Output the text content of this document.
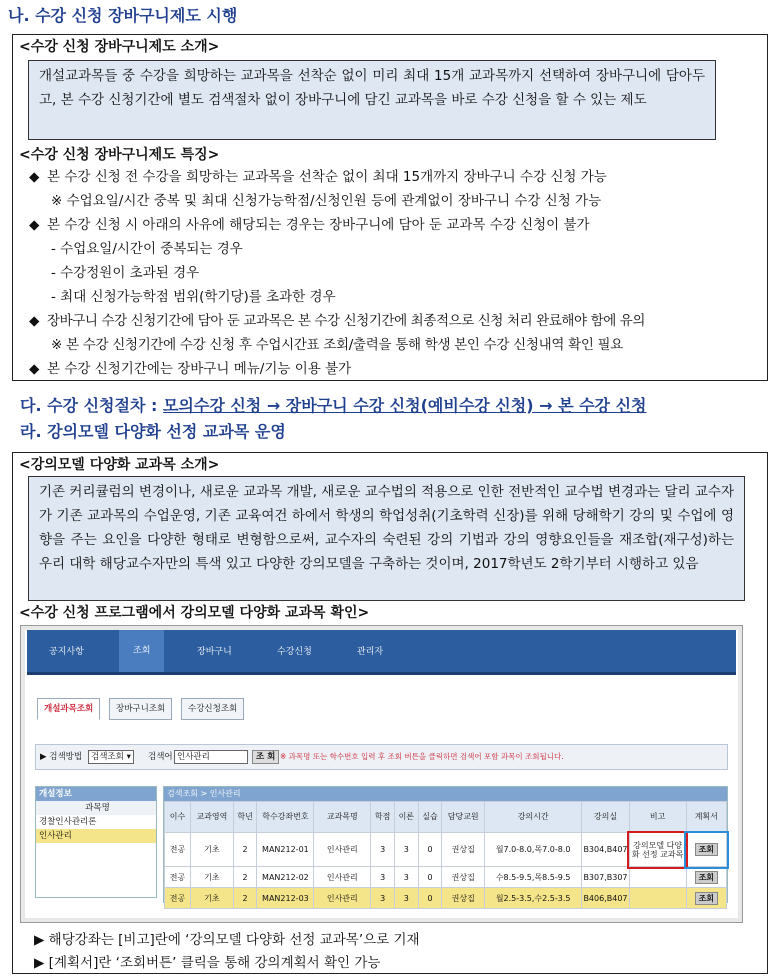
나. 수강 신청 장바구니제도 시행
<수강 신청 장바구니제도 소개>
개설교과목들 중 수강을 희망하는 교과목을 선착순 없이 미리 최대 15개 교과목까지 선택하여 장바구니에 담아두고, 본 수강 신청기간에 별도 검색절차 없이 장바구니에 담긴 교과목을 바로 수강 신청을 할 수 있는 제도
<수강 신청 장바구니제도 특징>
◆ 본 수강 신청 전 수강을 희망하는 교과목을 선착순 없이 최대 15개까지 장바구니 수강 신청 가능
※ 수업요일/시간 중복 및 최대 신청가능학점/신청인원 등에 관계없이 장바구니 수강 신청 가능
◆ 본 수강 신청 시 아래의 사유에 해당되는 경우는 장바구니에 담아 둔 교과목 수강 신청이 불가
- 수업요일/시간이 중복되는 경우
- 수강정원이 초과된 경우
- 최대 신청가능학점 범위(학기당)를 초과한 경우
◆ 장바구니 수강 신청기간에 담아 둔 교과목은 본 수강 신청기간에 최종적으로 신청 처리 완료해야 함에 유의
※ 본 수강 신청기간에 수강 신청 후 수업시간표 조회/출력을 통해 학생 본인 수강 신청내역 확인 필요
◆ 본 수강 신청기간에는 장바구니 메뉴/기능 이용 불가
다. 수강 신청절차 : 모의수강 신청 → 장바구니 수강 신청(예비수강 신청) → 본 수강 신청
라. 강의모델 다양화 선정 교과목 운영
<강의모델 다양화 교과목 소개>
기존 커리큘럼의 변경이나, 새로운 교과목 개발, 새로운 교수법의 적용으로 인한 전반적인 교수법 변경과는 달리 교수자가 기존 교과목의 수업운영, 기존 교육여건 하에서 학생의 학업성취(기초학력 신장)를 위해 당해학기 강의 및 수업에 영향을 주는 요인을 다양한 형태로 변형함으로써, 교수자의 숙련된 강의 기법과 강의 영향요인들을 재조합(재구성)하는 우리 대학 해당교수자만의 특색 있고 다양한 강의모델을 구축하는 것이며, 2017학년도 2학기부터 시행하고 있음
<수강 신청 프로그램에서 강의모델 다양화 교과목 확인>
공지사항	조회	장바구니	수강신청	관리자
개설과목조회	장바구니조회	수강신청조회
▶ 검색방법	검색조회 ▾	검색어 인사관리	조 회 ※ 과목명 또는 학수번호 입력 후 조회 버튼을 클릭하면 검색어 포함 과목이 조회됩니다.
개설정보
과목명
경찰인사관리론
인사관리
검색조회 > 인사관리
이수	교과영역	학년	학수강좌번호	교과목명	학점	이론	실습	담당교원	강의시간	강의실	비고	계획서
전공	기초	2	MAN212-01	인사관리	3	3	0	권상집	월7.0-8.0,목7.0-8.0	B304,B407	강의모델 다양화 선정 교과목	조회
전공	기초	2	MAN212-02	인사관리	3	3	0	권상집	수8.5-9.5,목8.5-9.5	B307,B307		조회
전공	기초	2	MAN212-03	인사관리	3	3	0	권상집	월2.5-3.5,수2.5-3.5	B406,B407		조회
▶ 해당강좌는 [비고]란에 ‘강의모델 다양화 선정 교과목’으로 기재
▶ [계획서]란 ‘조회버튼’ 클릭을 통해 강의계획서 확인 가능
